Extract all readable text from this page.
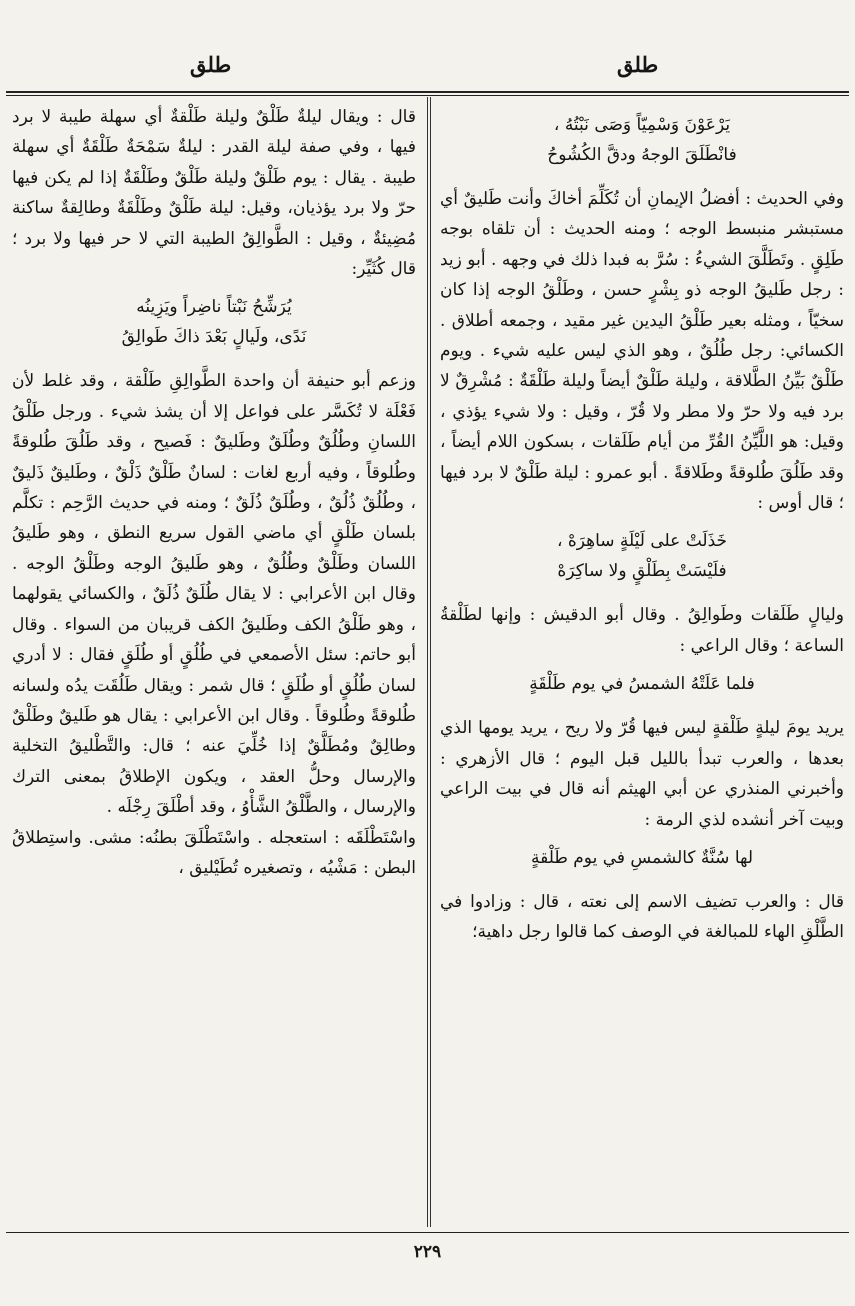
طلق	طلق

يَرْعَوْنَ وَسْمِيّاً وَصَى نَبْتُهُ ،

فانْطَلَقَ الوجهُ ودقَّ الكُشُوحُ

وفي الحديث : أفضلُ الإيمانِ أن تُكَلِّمَ أخاكَ وأنت طَليقٌ أي مستبشر منبسط الوجه ؛ ومنه الحديث : أن تلقاه بوجه طَلِقٍ . وتَطَلَّقَ الشيءُ : سُرَّ به فبدا ذلك في وجهه . أبو زيد : رجل طَليقُ الوجه ذو بِشْرٍ حسن ، وطَلْقُ الوجه إذا كان سخيّاً ، ومثله بعير طَلْقُ اليدين غير مقيد ، وجمعه أطلاق . الكسائي: رجل طُلُقٌ ، وهو الذي ليس عليه شيء . ويوم طَلْقٌ بَيِّنُ الطَّلاقة ، وليلة طَلْقٌ أيضاً وليلة طَلْقَةٌ : مُشْرِقٌ لا برد فيه ولا حرّ ولا مطر ولا قُرّ ، وقيل : ولا شيء يؤذي ، وقيل: هو اللَّيِّنُ القُرِّ من أيام طَلَقات ، بسكون اللام أيضاً ، وقد طَلُقَ طُلوقةً وطَلاقةً . أبو عمرو : ليلة طَلْقٌ لا برد فيها ؛ قال أوس :

خَذَلَتْ على لَيْلَةٍ ساهِرَهْ ،

فلَيْسَتْ بِطَلْقٍ ولا ساكِرَهْ

وليالٍ طَلَقات وطَوالِقُ . وقال أبو الدقيش : وإنها لطَلْقةُ الساعة ؛ وقال الراعي :

فلما عَلَتْهُ الشمسُ في يوم طَلْقَةٍ

يريد يومَ ليلةٍ طَلْقةٍ ليس فيها قُرّ ولا ريح ، يريد يومها الذي بعدها ، والعرب تبدأ بالليل قبل اليوم ؛ قال الأزهري : وأخبرني المنذري عن أبي الهيثم أنه قال في بيت الراعي وبيت آخر أنشده لذي الرمة :

لها سُنَّةٌ كالشمسِ في يوم طَلْقةٍ

قال : والعرب تضيف الاسم إلى نعته ، قال : وزادوا في الطَّلْقِ الهاء للمبالغة في الوصف كما قالوا رجل داهية؛

قال : ويقال ليلةٌ طَلْقٌ وليلة طَلْقةٌ أي سهلة طيبة لا برد فيها ، وفي صفة ليلة القدر : ليلةٌ سَمْحَةٌ طَلْقَةٌ أي سهلة طيبة . يقال : يوم طَلْقٌ وليلة طَلْقٌ وطَلْقَةٌ إذا لم يكن فيها حرّ ولا برد يؤذيان، وقيل: ليلة طَلْقٌ وطَلْقَةٌ وطالِقةٌ ساكنة مُضِيئةٌ ، وقيل : الطَّوالِقُ الطيبة التي لا حر فيها ولا برد ؛ قال كُثَيِّر:

يُرَشِّحُ نَبْتاً ناضِراً ويَزِينُه

نَدًى، ولَيالٍ بَعْدَ ذاكَ طَوالِقُ

وزعم أبو حنيفة أن واحدة الطَّوالِقِ طَلْقة ، وقد غلط لأن فَعْلَة لا تُكَسَّر على فواعل إلا أن يشذ شيء . ورجل طَلْقُ اللسانِ وطُلُقٌ وطُلَقٌ وطَليقٌ : فَصيح ، وقد طَلُقَ طُلوقةً وطُلوقاً ، وفيه أربع لغات : لسانٌ طَلْقٌ ذَلْقٌ ، وطَليقٌ ذَليقٌ ، وطُلُقٌ ذُلُقٌ ، وطُلَقٌ ذُلَقٌ ؛ ومنه في حديث الرَّحِم : تكلَّم بلسان طَلْقٍ أي ماضي القول سريع النطق ، وهو طَليقُ اللسان وطَلْقٌ وطُلُقٌ ، وهو طَليقُ الوجه وطَلْقُ الوجه . وقال ابن الأعرابي : لا يقال طُلَقٌ ذُلَقٌ ، والكسائي يقولهما ، وهو طَلْقُ الكف وطَليقُ الكف قريبان من السواء . وقال أبو حاتم: سئل الأصمعي في طُلُقٍ أو طُلَقٍ فقال : لا أدري لسان طُلُقٍ أو طُلَقٍ ؛ قال شمر : ويقال طَلُقَت يدُه ولسانه طُلوقةً وطُلوقاً . وقال ابن الأعرابي : يقال هو طَليقٌ وطَلْقٌ وطالِقٌ ومُطَلَّقٌ إذا خُلِّيَ عنه ؛ قال: والتَّطْليقُ التخلية والإرسال وحلُّ العقد ، ويكون الإطلاقُ بمعنى الترك والإرسال ، والطَّلْقُ الشَّأْوُ ، وقد أطْلَقَ رِجْلَه .

واسْتَطْلَقَه : استعجله . واسْتَطْلَقَ بطنُه: مشى. واستِطلاقُ البطن : مَشْيُه ، وتصغيره تُطَيْليق ،

٢٢٩
